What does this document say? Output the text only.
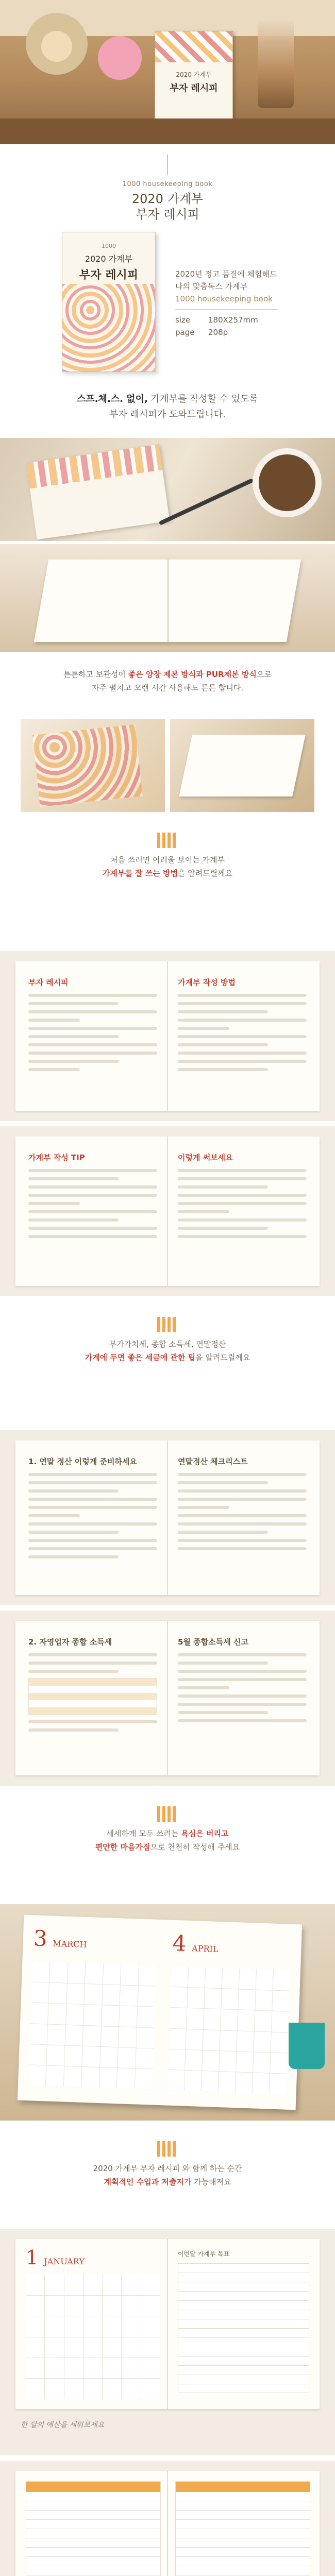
2020 가계부
부자 레시피
1000 housekeeping book
2020 가계부
부자 레시피
1000
2020 가계부
부자 레시피	2020년 정고 품질에 체험해드
나의 맞춤독스 가계부
1000 housekeeping book
size 180X257mm
page 208p
스프.체.스. 없이, 가계부를 작성할 수 있도록
부자 레시피가 도와드립니다.
튼튼하고 보관성이 좋은 양장 제본 방식과 PUR제본 방식으로
자주 펼치고 오랜 시간 사용해도 튼튼 합니다.
처음 쓰러면 어려울 보이는 가계부
가계부를 잘 쓰는 방법을 알려드릴께요
부자 레시피	가계부 작성 방법
가계부 작성 TIP	이렇게 써보세요
부가가치세, 종합 소득세, 연말정산
가계에 두면 좋은 세금에 관한 팁을 알려드릴께요
1. 연말 정산 이렇게 준비하세요	연말정산 체크리스트
2. 자영업자 종합 소득세	5월 종합소득세 신고
세세하게 모두 쓰려는 욕심은 버리고
편안한 마음가짐으로 천천히 작성해 주세요
3 MARCH	4 APRIL
2020 가계부 부자 레시피 와 함께 하는 순간
계획적인 수입과 저출지가 가능해져요
1 JANUARY
이번달 가계부 목표
한 달의 예산을 세워보세요
